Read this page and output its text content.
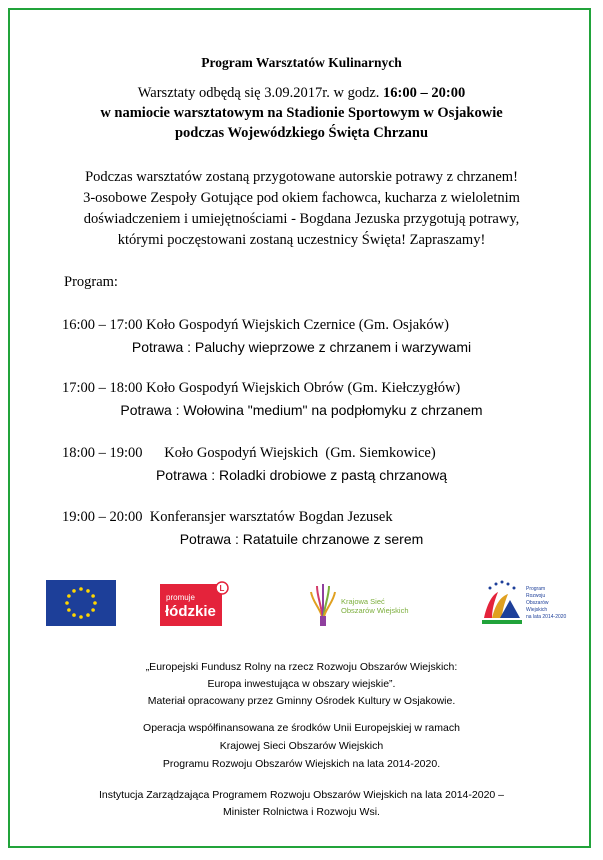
Program Warsztatów Kulinarnych
Warsztaty odbędą się 3.09.2017r. w godz. 16:00 – 20:00
w namiocie warsztatowym na Stadionie Sportowym w Osjakowie
podczas Wojewódzkiego Święta Chrzanu
Podczas warsztatów zostaną przygotowane autorskie potrawy z chrzanem!
3-osobowe Zespoły Gotujące pod okiem fachowca, kucharza z wieloletnim
doświadczeniem i umiejętnościami - Bogdana Jezuska przygotują potrawy,
którymi poczęstowani zostaną uczestnicy Święta! Zapraszamy!
Program:
16:00 – 17:00 Koło Gospodyń Wiejskich Czernice (Gm. Osjaków)
Potrawa : Paluchy wieprzowe z chrzanem i warzywami
17:00 – 18:00 Koło Gospodyń Wiejskich Obrów (Gm. Kiełczygłów)
Potrawa : Wołowina "medium" na podpłomyku z chrzanem
18:00 – 19:00      Koło Gospodyń Wiejskich  (Gm. Siemkowice)
Potrawa : Roladki drobiowe z pastą chrzanową
19:00 – 20:00  Konferansjer warsztatów Bogdan Jezusek
Potrawa : Ratatuile chrzanowe z serem
L
promuje
łódzkie
Krajowa Sieć
Obszarów Wiejskich
Program
Rozwoju
Obszarów
Wiejskich
na lata 2014-2020
„Europejski Fundusz Rolny na rzecz Rozwoju Obszarów Wiejskich:
Europa inwestująca w obszary wiejskie”.
Materiał opracowany przez Gminny Ośrodek Kultury w Osjakowie.
Operacja współfinansowana ze środków Unii Europejskiej w ramach
Krajowej Sieci Obszarów Wiejskich
Programu Rozwoju Obszarów Wiejskich na lata 2014-2020.
Instytucja Zarządzająca Programem Rozwoju Obszarów Wiejskich na lata 2014-2020 –
Minister Rolnictwa i Rozwoju Wsi.
